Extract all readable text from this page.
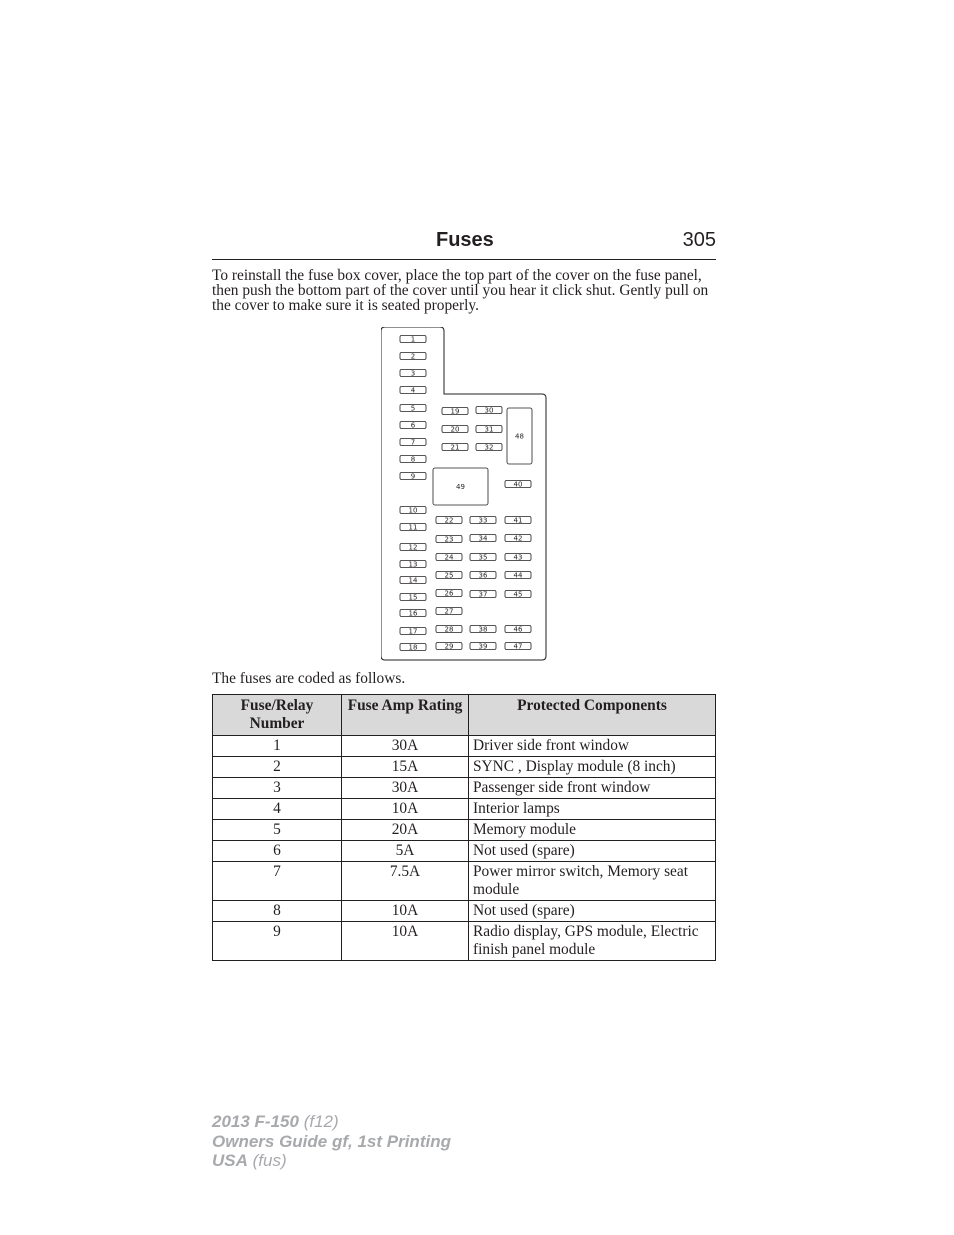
Fuses	305

To reinstall the fuse box cover, place the top part of the cover on the fuse panel, then push the bottom part of the cover until you hear it click shut. Gently pull on the cover to make sure it is seated properly.

1
2
3
4
5
6
7
8
9
10
11
12
13
14
15
16
17
18
19	30
20	31
21	32
48
49	40
22	33	41
23	34	42
24	35	43
25	36	44
26	37	45
27
28	38	46
29	39	47

The fuses are coded as follows.

Fuse/Relay Number	Fuse Amp Rating	Protected Components
1	30A	Driver side front window
2	15A	SYNC , Display module (8 inch)
3	30A	Passenger side front window
4	10A	Interior lamps
5	20A	Memory module
6	5A	Not used (spare)
7	7.5A	Power mirror switch, Memory seat module
8	10A	Not used (spare)
9	10A	Radio display, GPS module, Electric finish panel module
2013 F-150 (f12)
Owners Guide gf, 1st Printing
USA (fus)
